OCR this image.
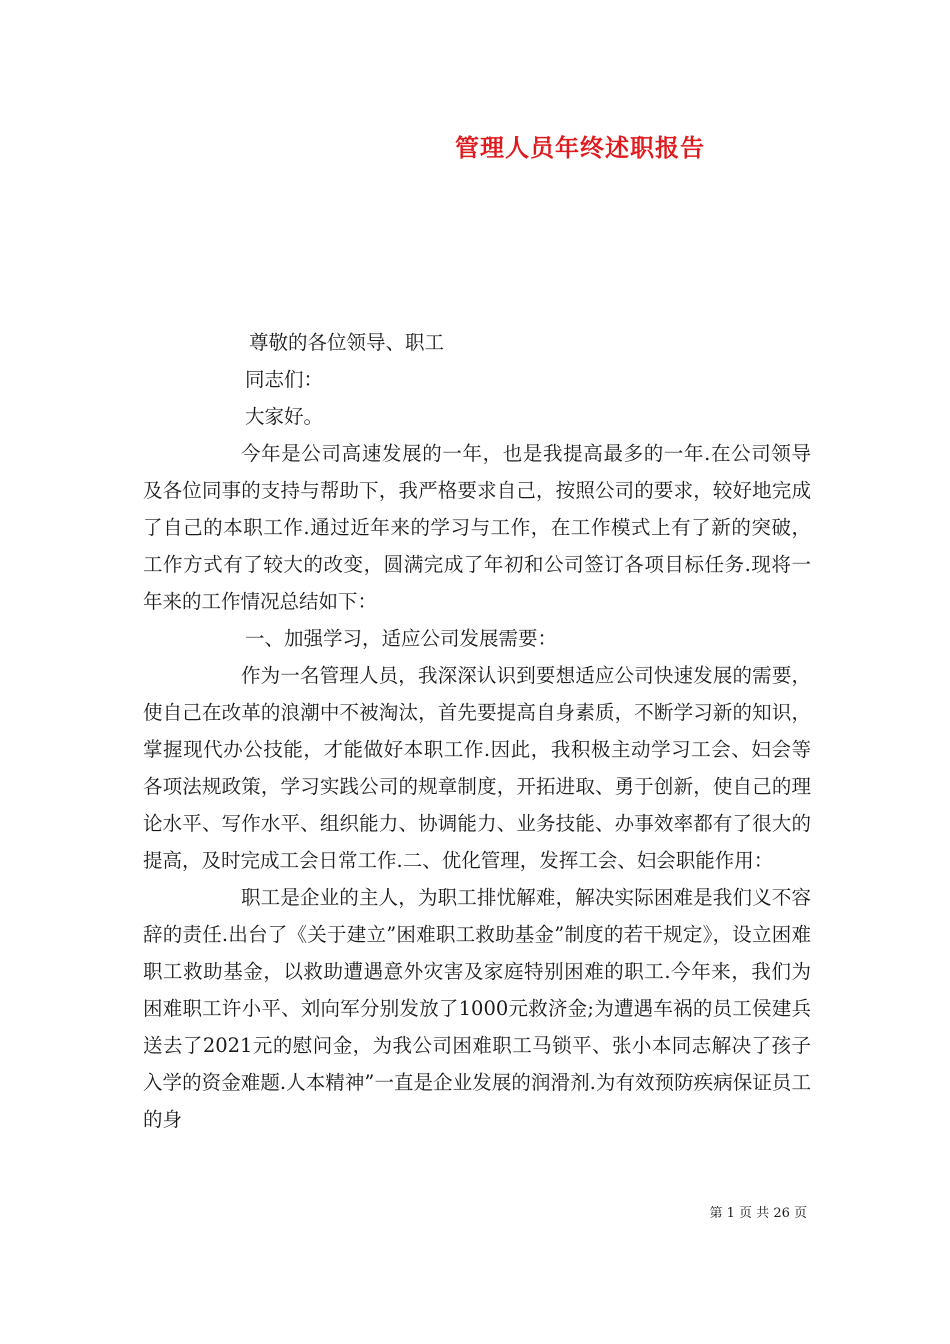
管理人员年终述职报告

尊敬的各位领导、职工

同志们：

大家好。

今年是公司高速发展的一年，也是我提高最多的一年.在公司领导及各位同事的支持与帮助下，我严格要求自己，按照公司的要求，较好地完成了自己的本职工作.通过近年来的学习与工作，在工作模式上有了新的突破，工作方式有了较大的改变，圆满完成了年初和公司签订各项目标任务.现将一年来的工作情况总结如下：

一、加强学习，适应公司发展需要：

作为一名管理人员，我深深认识到要想适应公司快速发展的需要，使自己在改革的浪潮中不被淘汰，首先要提高自身素质，不断学习新的知识，掌握现代办公技能，才能做好本职工作.因此，我积极主动学习工会、妇会等各项法规政策，学习实践公司的规章制度，开拓进取、勇于创新，使自己的理论水平、写作水平、组织能力、协调能力、业务技能、办事效率都有了很大的提高，及时完成工会日常工作.二、优化管理，发挥工会、妇会职能作用：

职工是企业的主人，为职工排忧解难，解决实际困难是我们义不容辞的责任.出台了《关于建立”困难职工救助基金”制度的若干规定》，设立困难职工救助基金，以救助遭遇意外灾害及家庭特别困难的职工.今年来，我们为困难职工许小平、刘向军分别发放了1000元救济金;为遭遇车祸的员工侯建兵送去了2021元的慰问金，为我公司困难职工马锁平、张小本同志解决了孩子入学的资金难题.人本精神”一直是企业发展的润滑剂.为有效预防疾病保证员工的身

第 1 页 共 26 页
